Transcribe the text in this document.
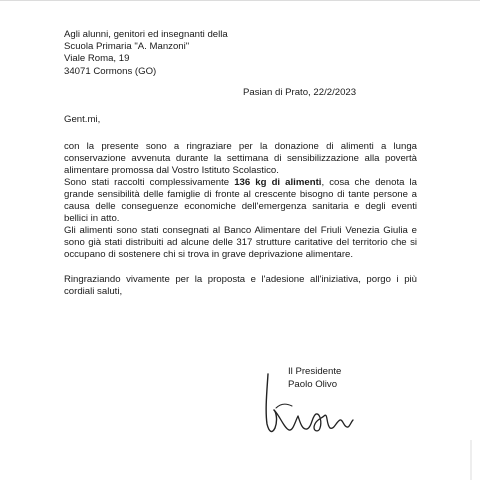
Agli alunni, genitori ed insegnanti della
Scuola Primaria "A. Manzoni"
Viale Roma, 19
34071 Cormons (GO)
Pasian di Prato, 22/2/2023
Gent.mi,

con la presente sono a ringraziare per la donazione di alimenti a lunga conservazione avvenuta durante la settimana di sensibilizzazione alla povertà alimentare promossa dal Vostro Istituto Scolastico.

Sono stati raccolti complessivamente 136 kg di alimenti, cosa che denota la grande sensibilità delle famiglie di fronte al crescente bisogno di tante persone a causa delle conseguenze economiche dell'emergenza sanitaria e degli eventi bellici in atto.

Gli alimenti sono stati consegnati al Banco Alimentare del Friuli Venezia Giulia e sono già stati distribuiti ad alcune delle 317 strutture caritative del territorio che si occupano di sostenere chi si trova in grave deprivazione alimentare.

Ringraziando vivamente per la proposta e l'adesione all'iniziativa, porgo i più cordiali saluti,

Il Presidente
Paolo Olivo
